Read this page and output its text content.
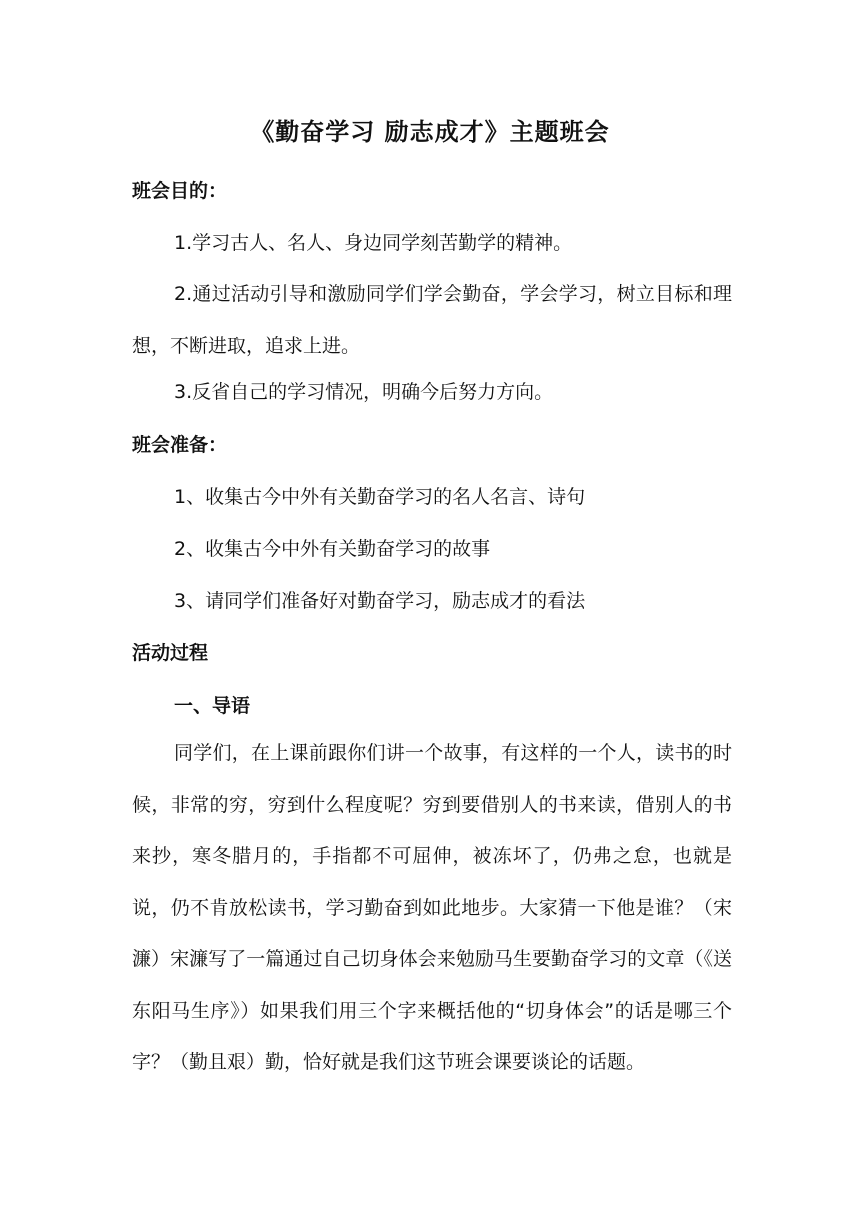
《勤奋学习 励志成才》主题班会
班会目的：
1.学习古人、名人、身边同学刻苦勤学的精神。
2.通过活动引导和激励同学们学会勤奋，学会学习，树立目标和理想，不断进取，追求上进。
3.反省自己的学习情况，明确今后努力方向。
班会准备：
1、收集古今中外有关勤奋学习的名人名言、诗句
2、收集古今中外有关勤奋学习的故事
3、请同学们准备好对勤奋学习，励志成才的看法
活动过程
一、导语
同学们，在上课前跟你们讲一个故事，有这样的一个人，读书的时候，非常的穷，穷到什么程度呢？穷到要借别人的书来读，借别人的书来抄，寒冬腊月的，手指都不可屈伸，被冻坏了，仍弗之怠，也就是说，仍不肯放松读书，学习勤奋到如此地步。大家猜一下他是谁？（宋濂）宋濂写了一篇通过自己切身体会来勉励马生要勤奋学习的文章（《送东阳马生序》）如果我们用三个字来概括他的“切身体会”的话是哪三个字？（勤且艰）勤，恰好就是我们这节班会课要谈论的话题。
